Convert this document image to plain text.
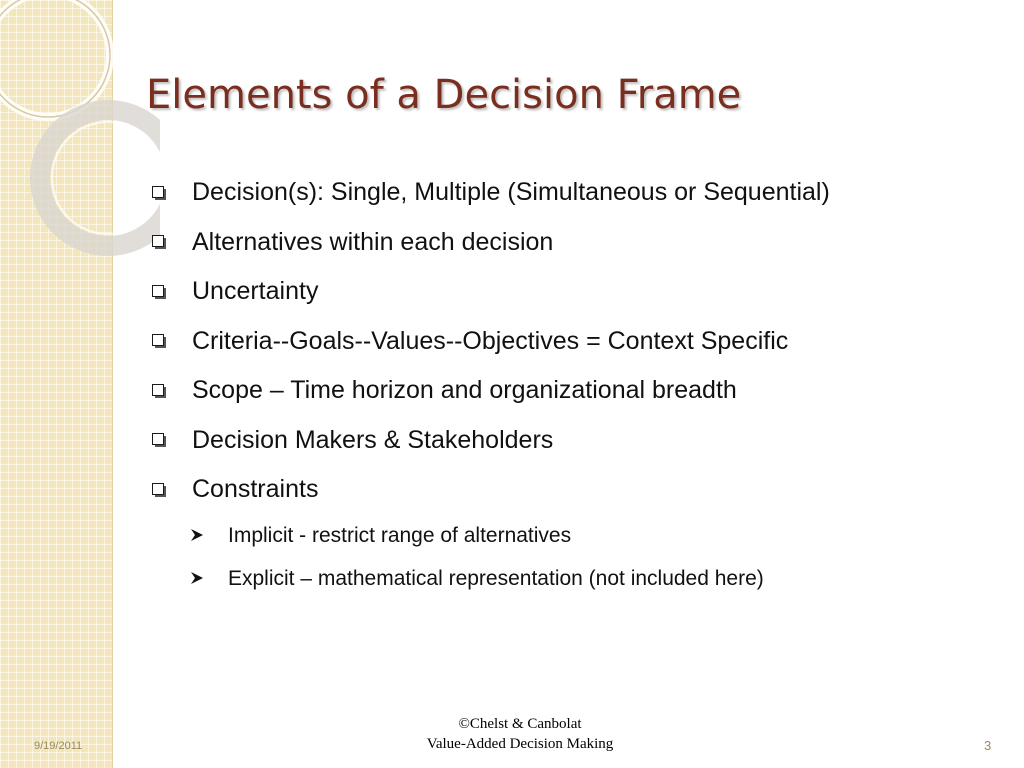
Elements of a Decision Frame
Decision(s): Single, Multiple (Simultaneous or Sequential)
Alternatives within each decision
Uncertainty
Criteria--Goals--Values--Objectives = Context Specific
Scope – Time horizon and organizational breadth
Decision Makers & Stakeholders
Constraints
Implicit - restrict range of alternatives
Explicit – mathematical representation (not included here)
©Chelst & Canbolat
Value-Added Decision Making
9/19/2011	3
